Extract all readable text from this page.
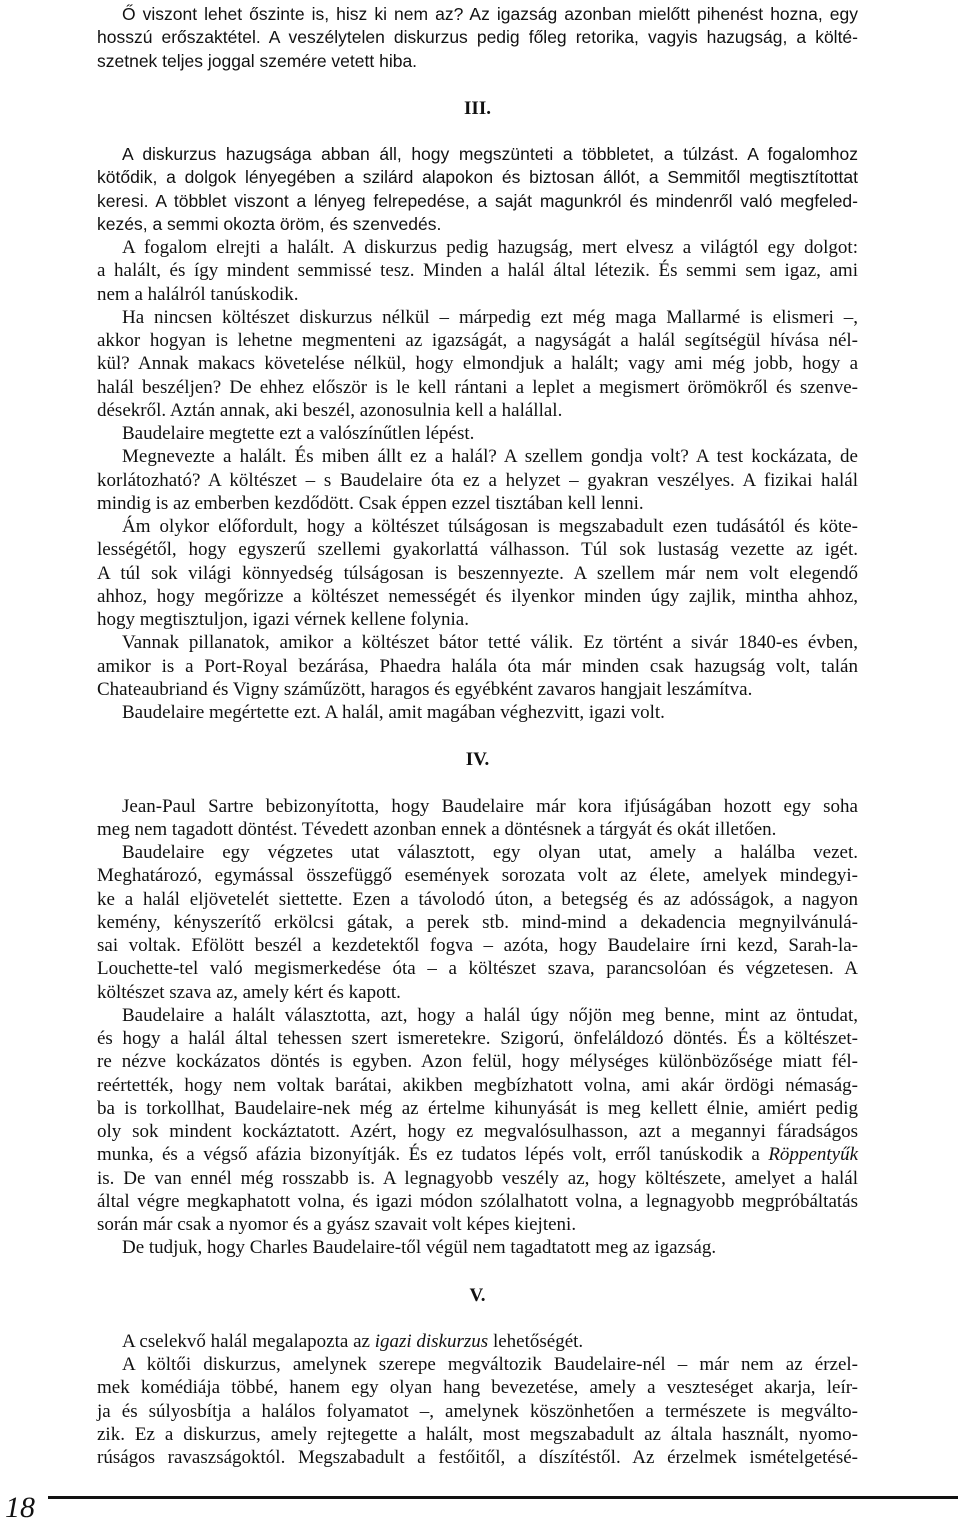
Ő viszont lehet őszinte is, hisz ki nem az? Az igazság azonban mielőtt pihenést hozna, egy
hosszú erőszaktétel. A veszélytelen diskurzus pedig főleg retorika, vagyis hazugság, a költé-
szetnek teljes joggal szemére vetett hiba.
III.
A diskurzus hazugsága abban áll, hogy megszünteti a többletet, a túlzást. A fogalomhoz
kötődik, a dolgok lényegében a szilárd alapokon és biztosan állót, a Semmitől megtisztítottat
keresi. A többlet viszont a lényeg felrepedése, a saját magunkról és mindenről való megfeled-
kezés, a semmi okozta öröm, és szenvedés.
A fogalom elrejti a halált. A diskurzus pedig hazugság, mert elvesz a világtól egy dolgot:
a halált, és így mindent semmissé tesz. Minden a halál által létezik. És semmi sem igaz, ami
nem a halálról tanúskodik.
Ha nincsen költészet diskurzus nélkül – márpedig ezt még maga Mallarmé is elismeri –,
akkor hogyan is lehetne megmenteni az igazságát, a nagyságát a halál segítségül hívása nél-
kül? Annak makacs követelése nélkül, hogy elmondjuk a halált; vagy ami még jobb, hogy a
halál beszéljen? De ehhez először is le kell rántani a leplet a megismert örömökről és szenve-
désekről. Aztán annak, aki beszél, azonosulnia kell a halállal.
Baudelaire megtette ezt a valószínűtlen lépést.
Megnevezte a halált. És miben állt ez a halál? A szellem gondja volt? A test kockázata, de
korlátozható? A költészet – s Baudelaire óta ez a helyzet – gyakran veszélyes. A fizikai halál
mindig is az emberben kezdődött. Csak éppen ezzel tisztában kell lenni.
Ám olykor előfordult, hogy a költészet túlságosan is megszabadult ezen tudásától és köte-
lességétől, hogy egyszerű szellemi gyakorlattá válhasson. Túl sok lustaság vezette az igét.
A túl sok világi könnyedség túlságosan is beszennyezte. A szellem már nem volt elegendő
ahhoz, hogy megőrizze a költészet nemességét és ilyenkor minden úgy zajlik, mintha ahhoz,
hogy megtisztuljon, igazi vérnek kellene folynia.
Vannak pillanatok, amikor a költészet bátor tetté válik. Ez történt a sivár 1840-es évben,
amikor is a Port-Royal bezárása, Phaedra halála óta már minden csak hazugság volt, talán
Chateaubriand és Vigny száműzött, haragos és egyébként zavaros hangjait leszámítva.
Baudelaire megértette ezt. A halál, amit magában véghezvitt, igazi volt.
IV.
Jean-Paul Sartre bebizonyította, hogy Baudelaire már kora ifjúságában hozott egy soha
meg nem tagadott döntést. Tévedett azonban ennek a döntésnek a tárgyát és okát illetően.
Baudelaire egy végzetes utat választott, egy olyan utat, amely a halálba vezet.
Meghatározó, egymással összefüggő események sorozata volt az élete, amelyek mindegyi-
ke a halál eljövetelét siettette. Ezen a távolodó úton, a betegség és az adósságok, a nagyon
kemény, kényszerítő erkölcsi gátak, a perek stb. mind-mind a dekadencia megnyilvánulá-
sai voltak. Efölött beszél a kezdetektől fogva – azóta, hogy Baudelaire írni kezd, Sarah-la-
Louchette-tel való megismerkedése óta – a költészet szava, parancsolóan és végzetesen. A
költészet szava az, amely kért és kapott.
Baudelaire a halált választotta, azt, hogy a halál úgy nőjön meg benne, mint az öntudat,
és hogy a halál által tehessen szert ismeretekre. Szigorú, önfeláldozó döntés. És a költészet-
re nézve kockázatos döntés is egyben. Azon felül, hogy mélységes különbözősége miatt fél-
reértették, hogy nem voltak barátai, akikben megbízhatott volna, ami akár ördögi némaság-
ba is torkollhat, Baudelaire-nek még az értelme kihunyását is meg kellett élnie, amiért pedig
oly sok mindent kockáztatott. Azért, hogy ez megvalósulhasson, azt a megannyi fáradságos
munka, és a végső afázia bizonyítják. És ez tudatos lépés volt, erről tanúskodik a Röppentyűk
is. De van ennél még rosszabb is. A legnagyobb veszély az, hogy költészete, amelyet a halál
által végre megkaphatott volna, és igazi módon szólalhatott volna, a legnagyobb megpróbáltatás
során már csak a nyomor és a gyász szavait volt képes kiejteni.
De tudjuk, hogy Charles Baudelaire-től végül nem tagadtatott meg az igazság.
V.
A cselekvő halál megalapozta az igazi diskurzus lehetőségét.
A költői diskurzus, amelynek szerepe megváltozik Baudelaire-nél – már nem az érzel-
mek komédiája többé, hanem egy olyan hang bevezetése, amely a veszteséget akarja, leír-
ja és súlyosbítja a halálos folyamatot –, amelynek köszönhetően a természete is megválto-
zik. Ez a diskurzus, amely rejtegette a halált, most megszabadult az általa használt, nyomo-
rúságos ravaszságoktól. Megszabadult a festőitől, a díszítéstől. Az érzelmek ismételgetésé-
18
